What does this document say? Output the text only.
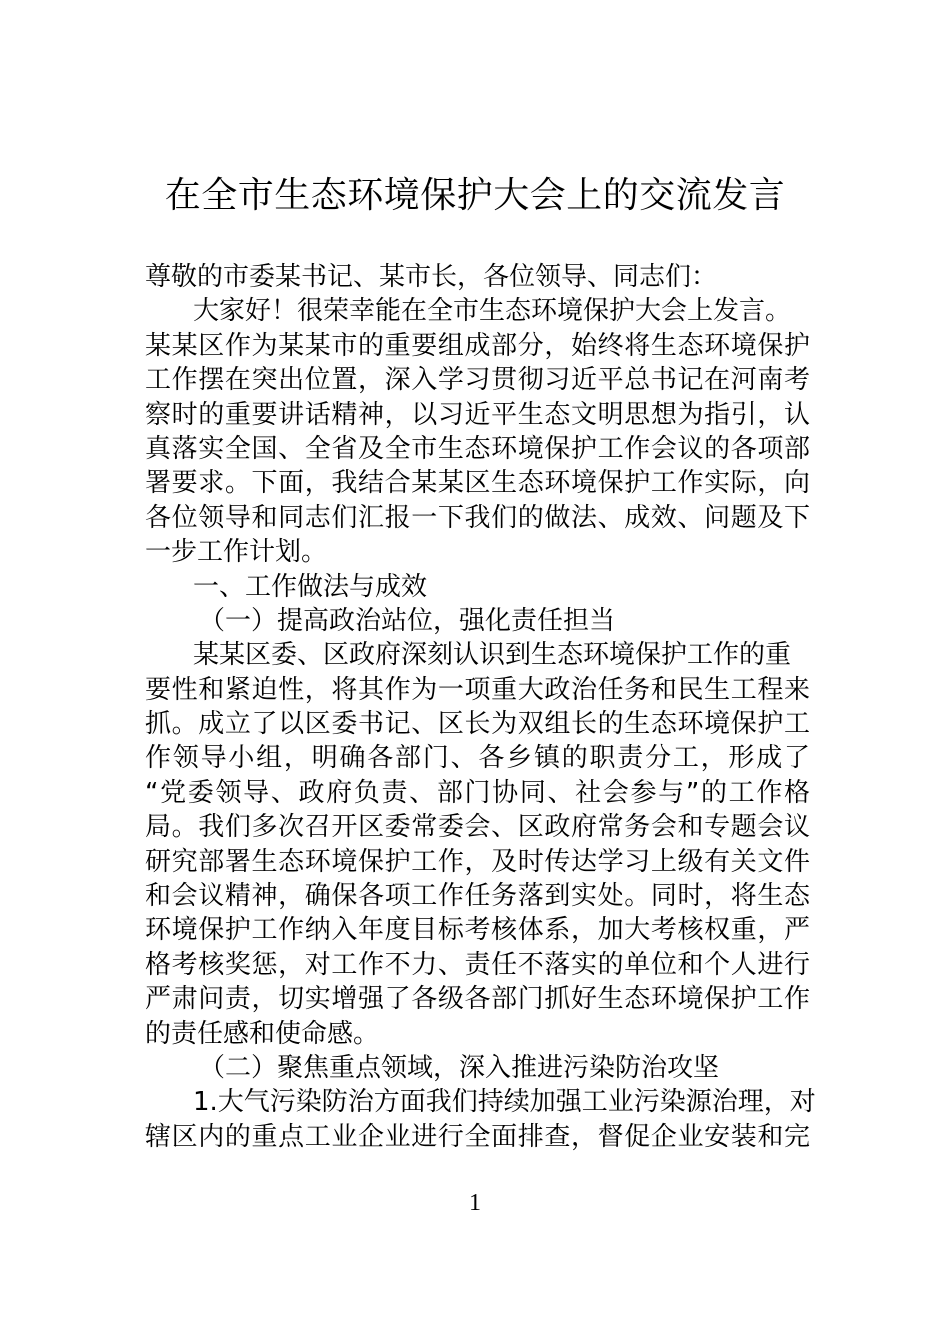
在全市生态环境保护大会上的交流发言
尊敬的市委某书记、某市长，各位领导、同志们：
大家好！很荣幸能在全市生态环境保护大会上发言。
某某区作为某某市的重要组成部分，始终将生态环境保护
工作摆在突出位置，深入学习贯彻习近平总书记在河南考
察时的重要讲话精神，以习近平生态文明思想为指引，认
真落实全国、全省及全市生态环境保护工作会议的各项部
署要求。下面，我结合某某区生态环境保护工作实际，向
各位领导和同志们汇报一下我们的做法、成效、问题及下
一步工作计划。
一、工作做法与成效
（一）提高政治站位，强化责任担当
某某区委、区政府深刻认识到生态环境保护工作的重
要性和紧迫性，将其作为一项重大政治任务和民生工程来
抓。成立了以区委书记、区长为双组长的生态环境保护工
作领导小组，明确各部门、各乡镇的职责分工，形成了
“党委领导、政府负责、部门协同、社会参与”的工作格
局。我们多次召开区委常委会、区政府常务会和专题会议
研究部署生态环境保护工作，及时传达学习上级有关文件
和会议精神，确保各项工作任务落到实处。同时，将生态
环境保护工作纳入年度目标考核体系，加大考核权重，严
格考核奖惩，对工作不力、责任不落实的单位和个人进行
严肃问责，切实增强了各级各部门抓好生态环境保护工作
的责任感和使命感。
（二）聚焦重点领域，深入推进污染防治攻坚
1.大气污染防治方面我们持续加强工业污染源治理，对
辖区内的重点工业企业进行全面排查，督促企业安装和完
1
